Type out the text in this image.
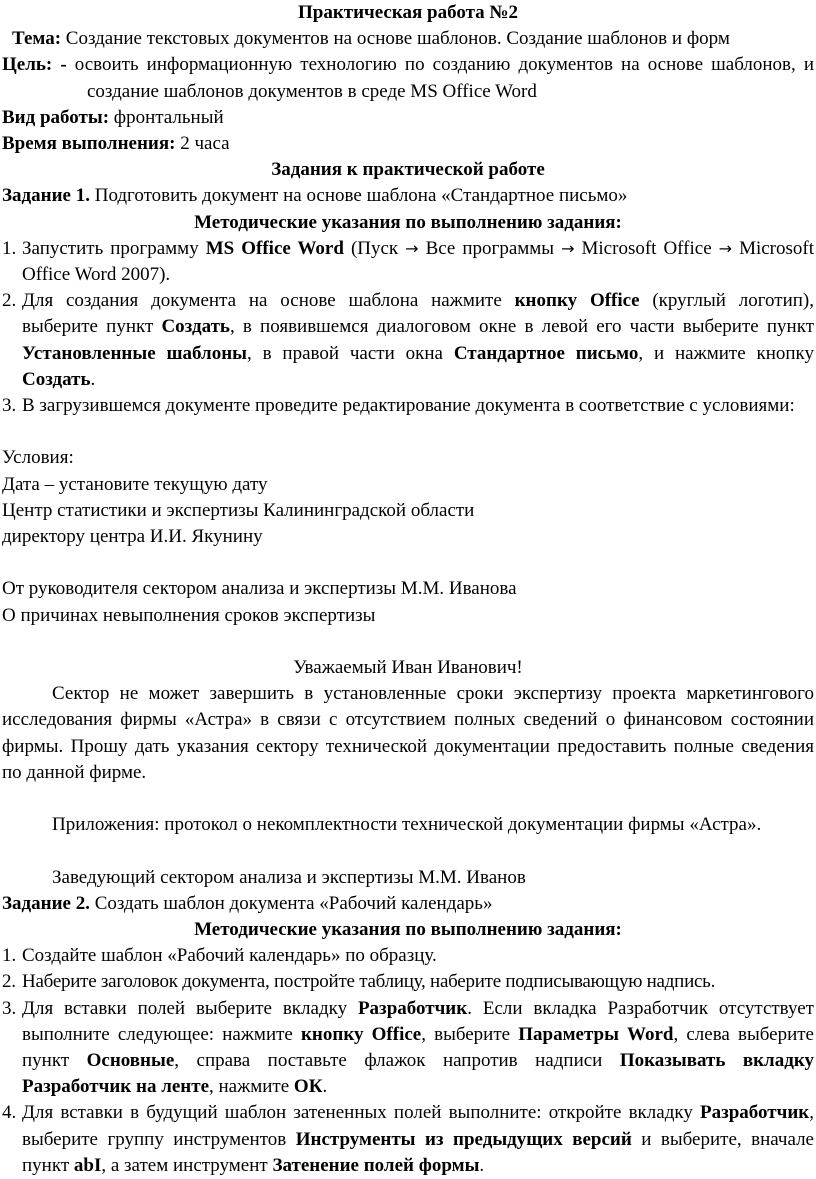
Практическая работа №2

Тема: Создание текстовых документов на основе шаблонов. Создание шаблонов и форм

Цель: - освоить информационную технологию по созданию документов на основе шаблонов, и создание шаблонов документов в среде MS Office Word

Вид работы: фронтальный

Время выполнения: 2 часа

Задания к практической работе

Задание 1. Подготовить документ на основе шаблона «Стандартное письмо»

Методические указания по выполнению задания:

1. Запустить программу MS Office Word (Пуск → Все программы → Microsoft Office → Microsoft Office Word 2007).
2. Для создания документа на основе шаблона нажмите кнопку Office (круглый логотип), выберите пункт Создать, в появившемся диалоговом окне в левой его части выберите пункт Установленные шаблоны, в правой части окна Стандартное письмо, и нажмите кнопку Создать.
3. В загрузившемся документе проведите редактирование документа в соответствие с условиями:

Условия:

Дата – установите текущую дату

Центр статистики и экспертизы Калининградской области

директору центра И.И. Якунину

От руководителя сектором анализа и экспертизы М.М. Иванова

О причинах невыполнения сроков экспертизы

Уважаемый Иван Иванович!

Сектор не может завершить в установленные сроки экспертизу проекта маркетингового исследования фирмы «Астра» в связи с отсутствием полных сведений о финансовом состоянии фирмы. Прошу дать указания сектору технической документации предоставить полные сведения по данной фирме.

Приложения: протокол о некомплектности технической документации фирмы «Астра».

Заведующий сектором анализа и экспертизы М.М. Иванов

Задание 2. Создать шаблон документа «Рабочий календарь»

Методические указания по выполнению задания:

1. Создайте шаблон «Рабочий календарь» по образцу.
2. Наберите заголовок документа, постройте таблицу, наберите подписывающую надпись.
3. Для вставки полей выберите вкладку Разработчик. Если вкладка Разработчик отсутствует выполните следующее: нажмите кнопку Office, выберите Параметры Word, слева выберите пункт Основные, справа поставьте флажок напротив надписи Показывать вкладку Разработчик на ленте, нажмите ОК.
4. Для вставки в будущий шаблон затененных полей выполните: откройте вкладку Разработчик, выберите группу инструментов Инструменты из предыдущих версий и выберите, вначале пункт abI, а затем инструмент Затенение полей формы.
